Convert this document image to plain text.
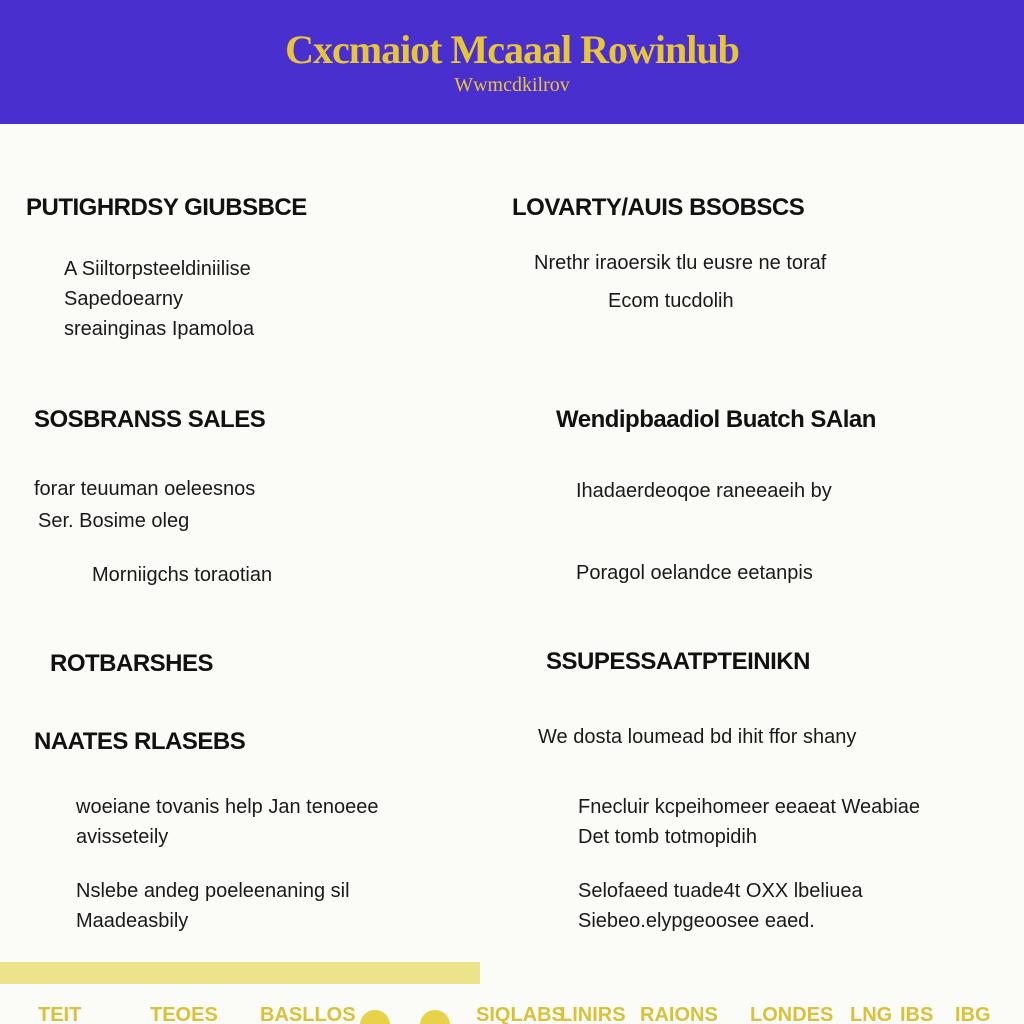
Cxcmaiot Mcaaal Rowinlub
Wwmcdkilrov
PUTIGHRDSY GIUBSBCE
A Siiltorpsteeldiniilise
Sapedoearny
sreainginas Ipamoloa
LOVARTY/AUIS BSOBSCS
Nrethr iraoersik tlu eusre ne toraf
Ecom tucdolih
SOSBRANSS SALES
forar teuuman oeleesnos
Ser. Bosime oleg
Morniigchs toraotian
Wendipbaadiol Buatch SAlan
Ihadaerdeoqoe raneeaeih by
Poragol oelandce eetanpis
ROTBARSHES	SSUPESSAATPTEINIKN
NAATES RLASEBS
woeiane tovanis help Jan tenoeee
avisseteily
Nslebe andeg poeleenaning sil
Maadeasbily
We dosta loumead bd ihit ffor shany
Fnecluir kcpeihomeer eeaeat Weabiae
Det tomb totmopidih
Selofaeed tuade4t OXX lbeliuea
Siebeo.elypgeoosee eaed.
TEIT	TEOES BASLLOS	SIQLABS
LINIRS RAIONS LONDES LNG IBS IBG
